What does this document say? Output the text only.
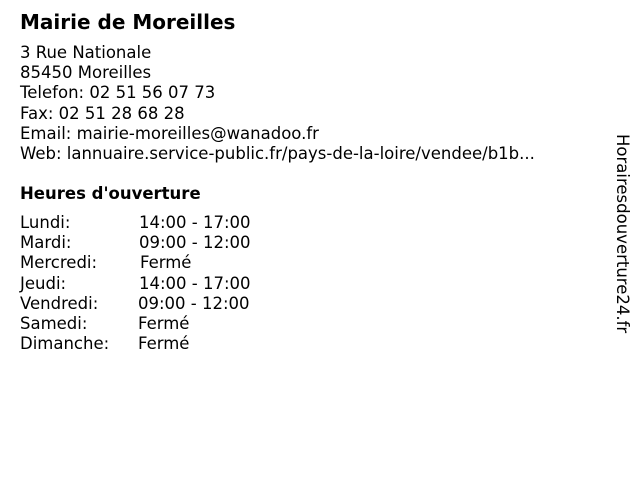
Mairie de Moreilles
3 Rue Nationale
85450 Moreilles
Telefon: 02 51 56 07 73
Fax: 02 51 28 68 28
Email: mairie-moreilles@wanadoo.fr
Web: lannuaire.service-public.fr/pays-de-la-loire/vendee/b1b...
Heures d'ouverture
Lundi:	14:00 - 17:00
Mardi:	09:00 - 12:00
Mercredi:	Fermé
Jeudi:	14:00 - 17:00
Vendredi: 09:00 - 12:00
Samedi:	Fermé
Dimanche: Fermé
Horairesdouverture24.fr
